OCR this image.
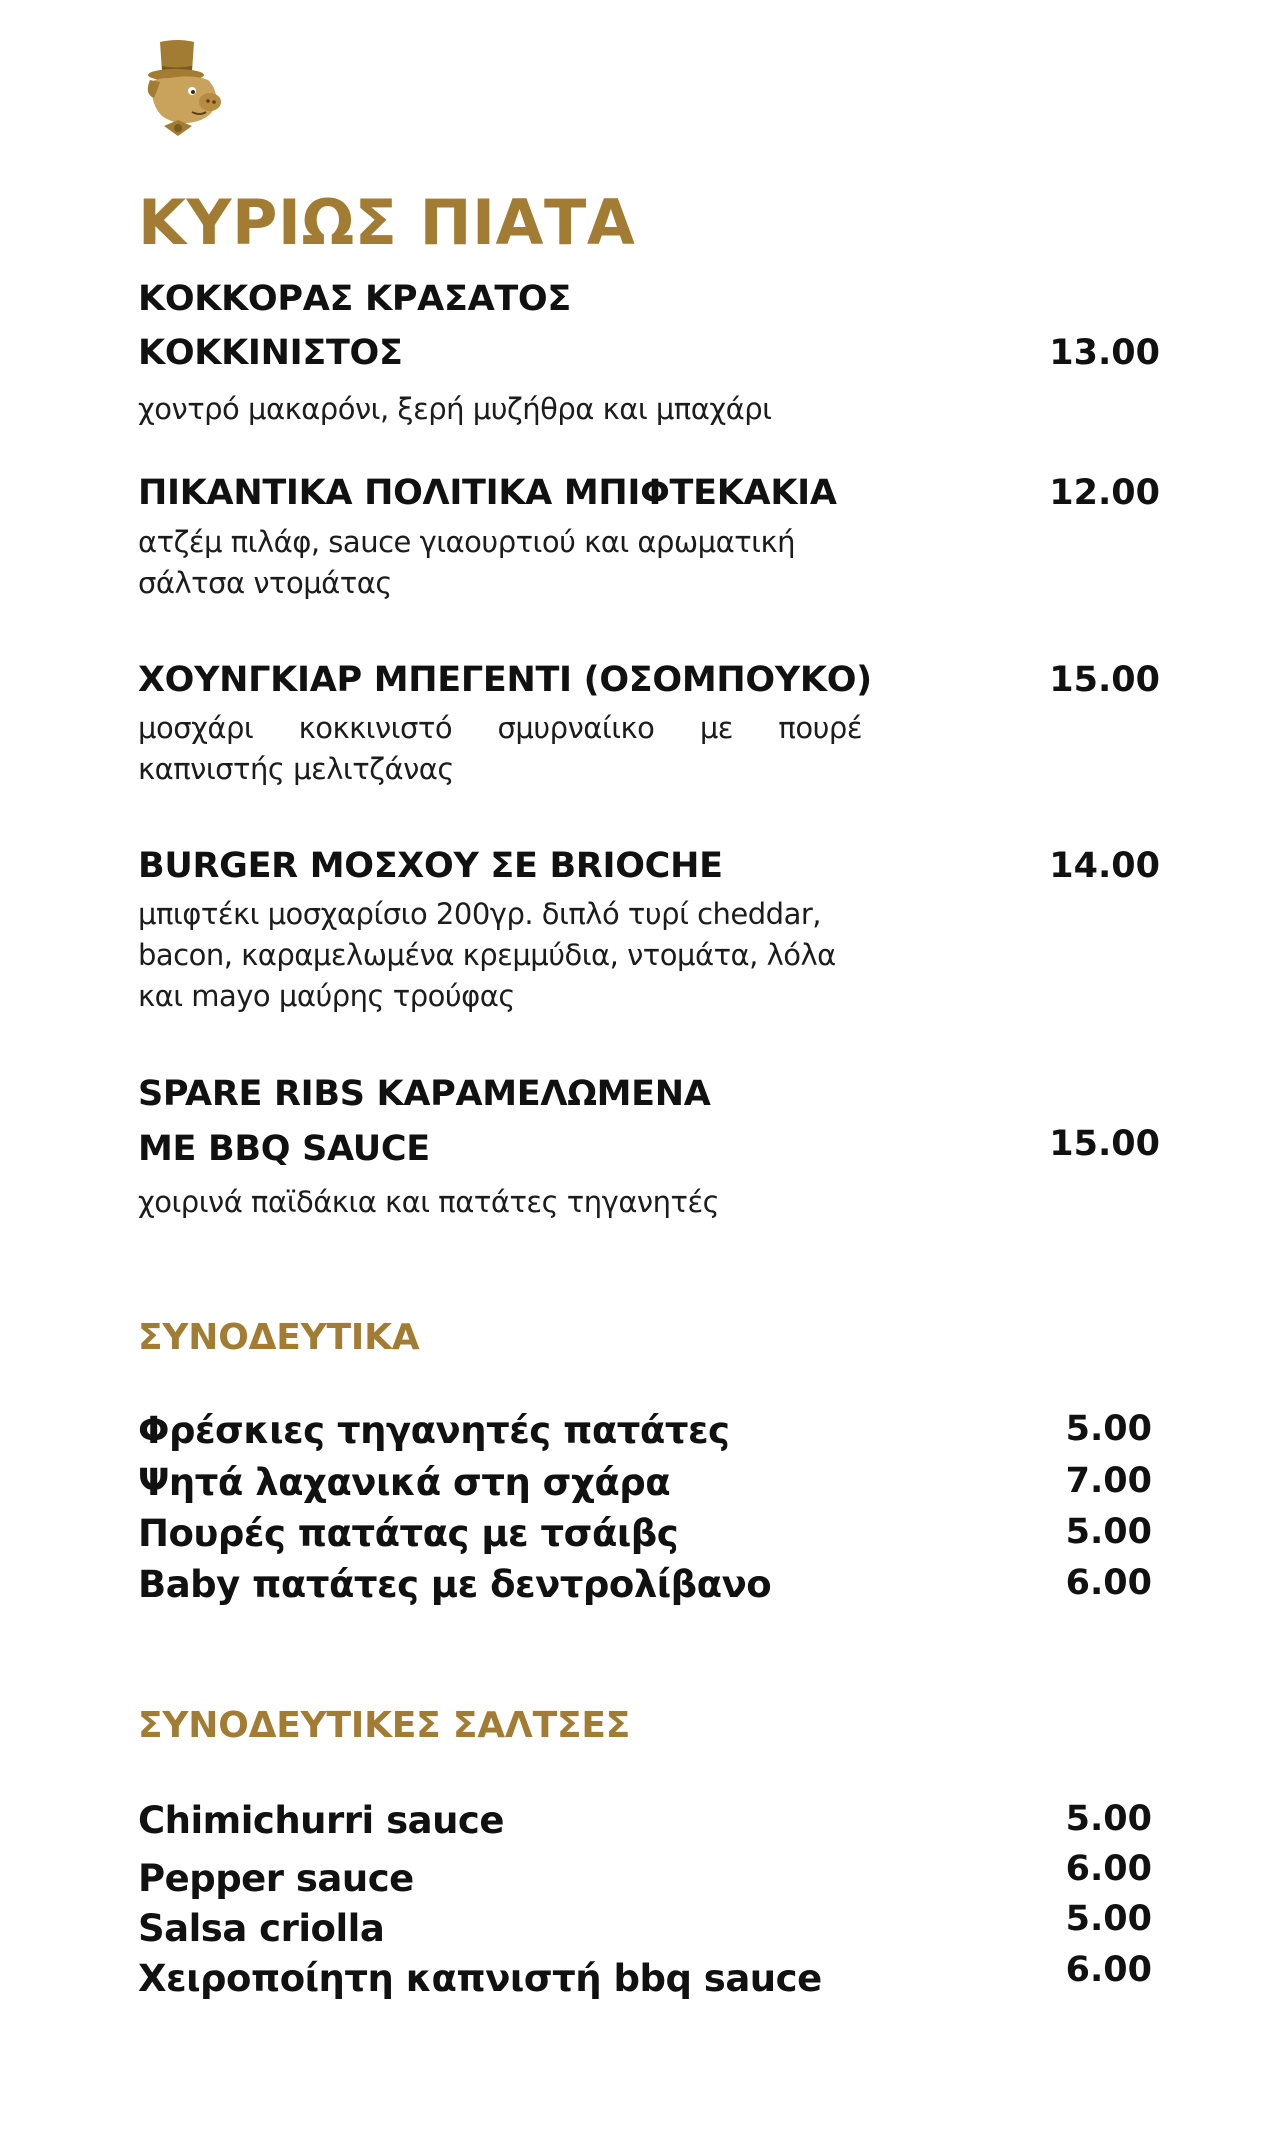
ΚΥΡΙΩΣ ΠΙΑΤΑ
ΚΟΚΚΟΡΑΣ ΚΡΑΣΑΤΟΣ
ΚΟΚΚΙΝΙΣΤΟΣ	13.00
χοντρό μακαρόνι, ξερή μυζήθρα και μπαχάρι
ΠΙΚΑΝΤΙΚΑ ΠΟΛΙΤΙΚΑ ΜΠΙΦΤΕΚΑΚΙΑ	12.00
ατζέμ πιλάφ, sauce γιαουρτιού και αρωματική
σάλτσα ντομάτας
ΧΟΥΝΓΚΙΑΡ ΜΠΕΓΕΝΤΙ (ΟΣΟΜΠΟΥΚΟ)	15.00
μοσχάρι κοκκινιστό σμυρναίικο με πουρέ καπνιστής μελιτζάνας
BURGER ΜΟΣΧΟΥ ΣΕ BRIOCHE	14.00
μπιφτέκι μοσχαρίσιο 200γρ. διπλό τυρί cheddar,
bacon, καραμελωμένα κρεμμύδια, ντομάτα, λόλα
και mayo μαύρης τρούφας
SPARE RIBS ΚΑΡΑΜΕΛΩΜΕΝΑ
ΜΕ BBQ SAUCE	15.00
χοιρινά παϊδάκια και πατάτες τηγανητές
ΣΥΝΟΔΕΥΤΙΚΑ
Φρέσκιες τηγανητές πατάτες	5.00
Ψητά λαχανικά στη σχάρα	7.00
Πουρές πατάτας με τσάιβς	5.00
Baby πατάτες με δεντρολίβανο	6.00
ΣΥΝΟΔΕΥΤΙΚΕΣ ΣΑΛΤΣΕΣ
Chimichurri sauce	5.00
Pepper sauce	6.00
Salsa criolla	5.00
Χειροποίητη καπνιστή bbq sauce	6.00
